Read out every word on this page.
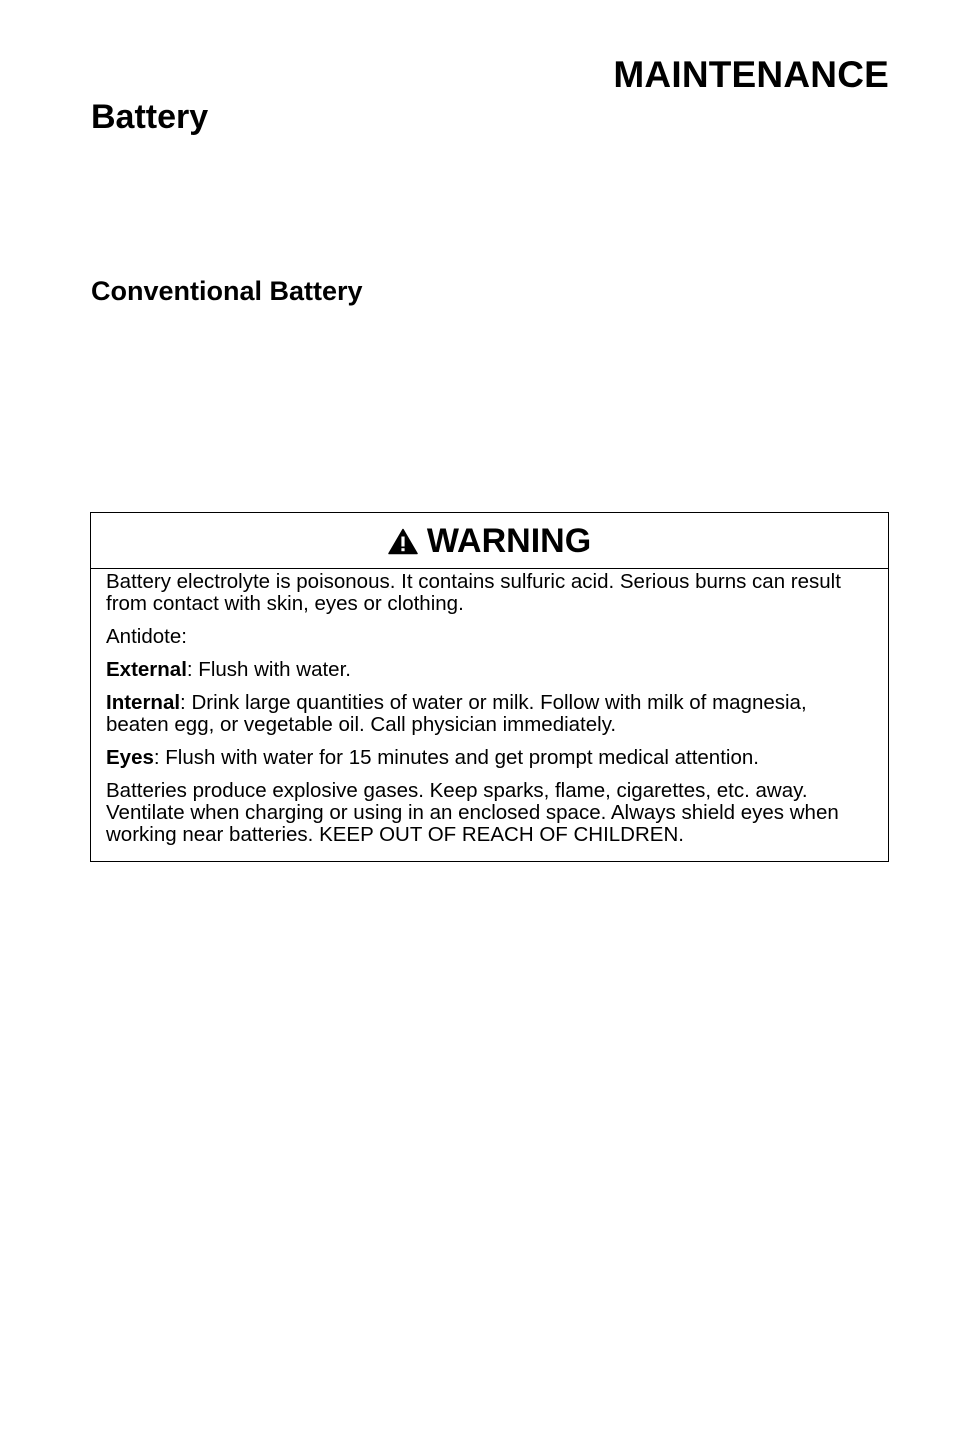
MAINTENANCE
Battery
Conventional Battery
WARNING

Battery electrolyte is poisonous. It contains sulfuric acid. Serious burns can result from contact with skin, eyes or clothing.

Antidote:

External: Flush with water.

Internal: Drink large quantities of water or milk. Follow with milk of magnesia, beaten egg, or vegetable oil. Call physician immediately.

Eyes: Flush with water for 15 minutes and get prompt medical attention.

Batteries produce explosive gases. Keep sparks, flame, cigarettes, etc. away. Ventilate when charging or using in an enclosed space. Always shield eyes when working near batteries. KEEP OUT OF REACH OF CHILDREN.
